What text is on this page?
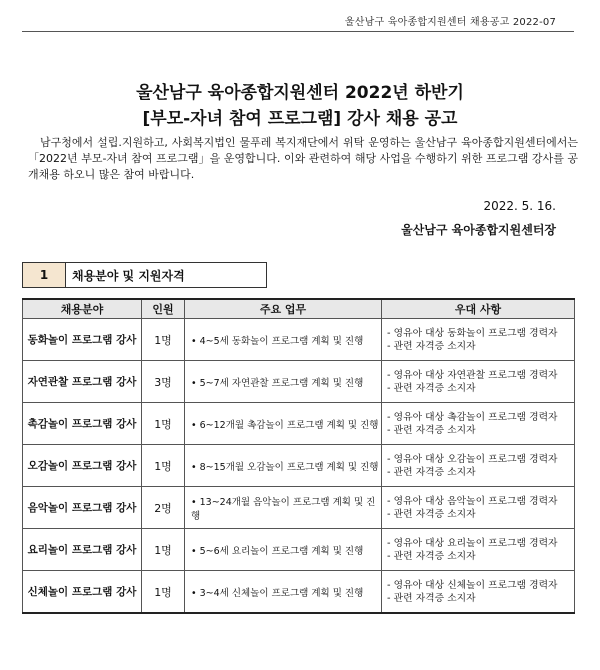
울산남구 육아종합지원센터 채용공고 2022-07
울산남구 육아종합지원센터 2022년 하반기
[부모-자녀 참여 프로그램] 강사 채용 공고
남구청에서 설립.지원하고, 사회복지법인 물푸레 복지재단에서 위탁 운영하는 울산남구 육아종합지원센터에서는 「2022년 부모-자녀 참여 프로그램」을 운영합니다. 이와 관련하여 해당 사업을 수행하기 위한 프로그램 강사를 공개채용 하오니 많은 참여 바랍니다.
2022. 5. 16.
울산남구 육아종합지원센터장
1	채용분야 및 지원자격
채용분야	인원	주요 업무	우대 사항
동화놀이 프로그램 강사	1명	• 4~5세 동화놀이 프로그램 계획 및 진행	- 영유아 대상 동화놀이 프로그램 경력자
- 관련 자격증 소지자

자연관찰 프로그램 강사	3명	• 5~7세 자연관찰 프로그램 계획 및 진행	- 영유아 대상 자연관찰 프로그램 경력자
- 관련 자격증 소지자

촉감놀이 프로그램 강사	1명	• 6~12개월 촉감놀이 프로그램 계획 및 진행	- 영유아 대상 촉감놀이 프로그램 경력자
- 관련 자격증 소지자

오감놀이 프로그램 강사	1명	• 8~15개월 오감놀이 프로그램 계획 및 진행	- 영유아 대상 오감놀이 프로그램 경력자
- 관련 자격증 소지자

음악놀이 프로그램 강사	2명	• 13~24개월 음악놀이 프로그램 계획 및 진행	- 영유아 대상 음악놀이 프로그램 경력자
- 관련 자격증 소지자

요리놀이 프로그램 강사	1명	• 5~6세 요리놀이 프로그램 계획 및 진행	- 영유아 대상 요리놀이 프로그램 경력자
- 관련 자격증 소지자

신체놀이 프로그램 강사	1명	• 3~4세 신체놀이 프로그램 계획 및 진행	- 영유아 대상 신체놀이 프로그램 경력자
- 관련 자격증 소지자
